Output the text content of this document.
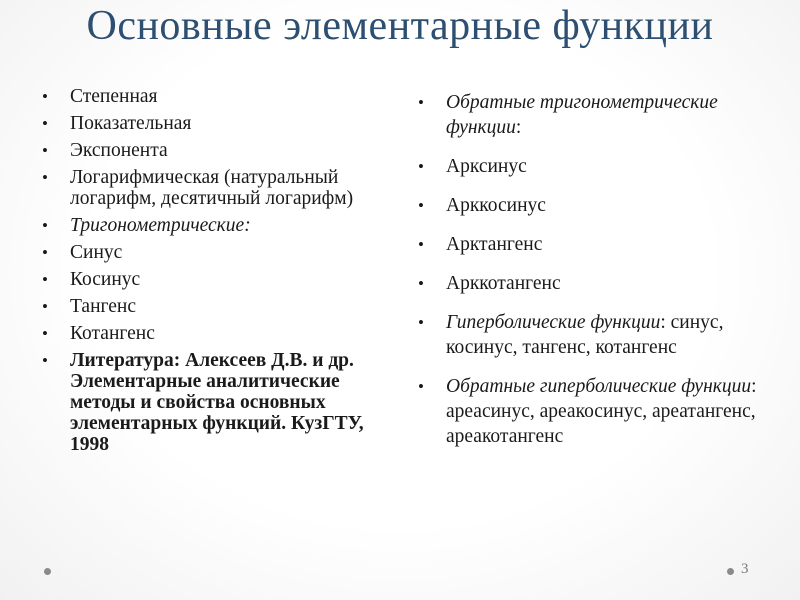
Основные элементарные функции
• Степенная
• Показательная
• Экспонента
• Логарифмическая (натуральный логарифм, десятичный логарифм)
• Тригонометрические:
• Синус
• Косинус
• Тангенс
• Котангенс
• Литература: Алексеев Д.В. и др. Элементарные аналитические методы и свойства основных элементарных функций. КузГТУ, 1998
• Обратные тригонометрические функции:
• Арксинус
• Арккосинус
• Арктангенс
• Арккотангенс
• Гиперболические функции: синус, косинус, тангенс, котангенс
• Обратные гиперболические функции: ареасинус, ареакосинус, ареатангенс, ареакотангенс
3
